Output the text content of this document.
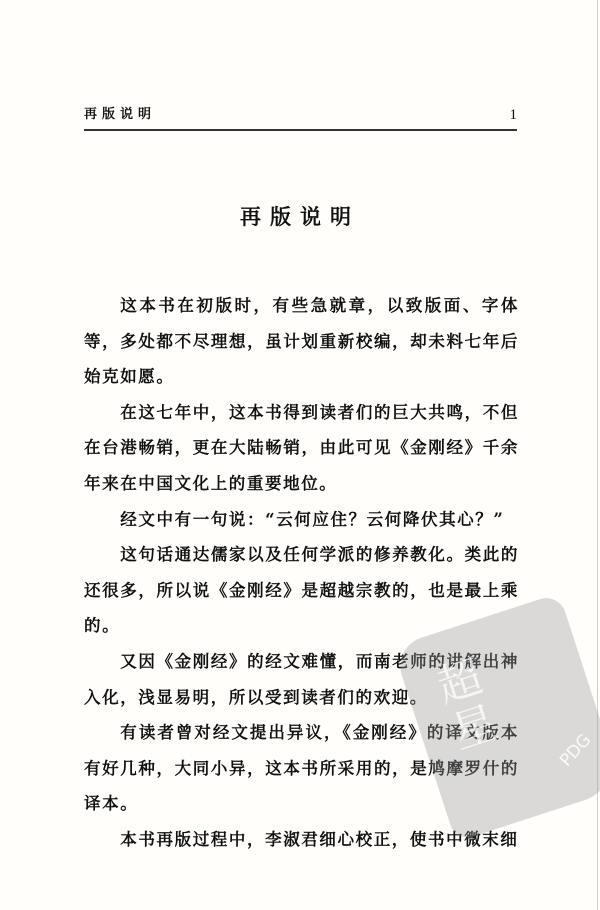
再版说明	1
再版说明

这本书在初版时，有些急就章，以致版面、字体等，多处都不尽理想，虽计划重新校编，却未料七年后始克如愿。

在这七年中，这本书得到读者们的巨大共鸣，不但在台港畅销，更在大陆畅销，由此可见《金刚经》千余年来在中国文化上的重要地位。

经文中有一句说：“云何应住？云何降伏其心？”

这句话通达儒家以及任何学派的修养教化。类此的还很多，所以说《金刚经》是超越宗教的，也是最上乘的。

又因《金刚经》的经文难懂，而南老师的讲解出神入化，浅显易明，所以受到读者们的欢迎。

有读者曾对经文提出异议，《金刚经》的译文版本有好几种，大同小异，这本书所采用的，是鸠摩罗什的译本。

本书再版过程中，李淑君细心校正，使书中微末细

超星	PDG
